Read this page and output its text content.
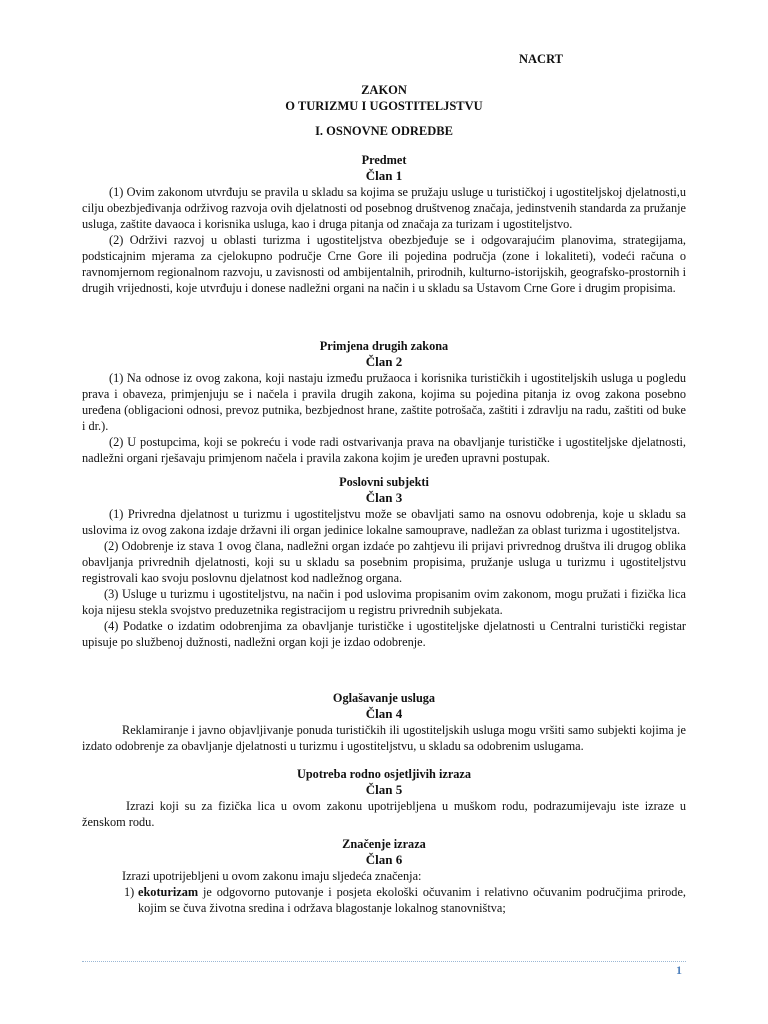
NACRT
ZAKON
O TURIZMU I UGOSTITELJSTVU
I. OSNOVNE ODREDBE
Predmet
Član 1

(1) Ovim zakonom utvrđuju se pravila u skladu sa kojima se pružaju usluge u turističkoj i ugostiteljskoj djelatnosti,u cilju obezbjeđivanja održivog razvoja ovih djelatnosti od posebnog društvenog značaja, jedinstvenih standarda za pružanje usluga, zaštite davaoca i korisnika usluga, kao i druga pitanja od značaja za turizam i ugostiteljstvo.

(2) Održivi razvoj u oblasti turizma i ugostiteljstva obezbjeđuje se i odgovarajućim planovima, strategijama, podsticajnim mjerama za cjelokupno područje Crne Gore ili pojedina područja (zone i lokaliteti), vodeći računa o ravnomjernom regionalnom razvoju, u zavisnosti od ambijentalnih, prirodnih, kulturno-istorijskih, geografsko-prostornih i drugih vrijednosti, koje utvrđuju i donese nadležni organi na način i u skladu sa Ustavom Crne Gore i drugim propisima.

Primjena drugih zakona
Član 2

(1) Na odnose iz ovog zakona, koji nastaju između pružaoca i korisnika turističkih i ugostiteljskih usluga u pogledu prava i obaveza, primjenjuju se i načela i pravila drugih zakona, kojima su pojedina pitanja iz ovog zakona posebno uređena (obligacioni odnosi, prevoz putnika, bezbjednost hrane, zaštite potrošača, zaštiti i zdravlju na radu, zaštiti od buke i dr.).

(2) U postupcima, koji se pokreću i vode radi ostvarivanja prava na obavljanje turističke i ugostiteljske djelatnosti, nadležni organi rješavaju primjenom načela i pravila zakona kojim je uređen upravni postupak.

Poslovni subjekti
Član 3

(1) Privredna djelatnost u turizmu i ugostiteljstvu može se obavljati samo na osnovu odobrenja, koje u skladu sa uslovima iz ovog zakona izdaje državni ili organ jedinice lokalne samouprave, nadležan za oblast turizma i ugostiteljstva.

(2) Odobrenje iz stava 1 ovog člana, nadležni organ izdaće po zahtjevu ili prijavi privrednog društva ili drugog oblika obavljanja privrednih djelatnosti, koji su u skladu sa posebnim propisima, pružanje usluga u turizmu i ugostiteljstvu registrovali kao svoju poslovnu djelatnost kod nadležnog organa.

(3) Usluge u turizmu i ugostiteljstvu, na način i pod uslovima propisanim ovim zakonom, mogu pružati i fizička lica koja nijesu stekla svojstvo preduzetnika registracijom u registru privrednih subjekata.

(4) Podatke o izdatim odobrenjima za obavljanje turističke i ugostiteljske djelatnosti u Centralni turistički registar upisuje po službenoj dužnosti, nadležni organ koji je izdao odobrenje.

Oglašavanje usluga
Član 4

Reklamiranje i javno objavljivanje ponuda turističkih ili ugostiteljskih usluga mogu vršiti samo subjekti kojima je izdato odobrenje za obavljanje djelatnosti u turizmu i ugostiteljstvu, u skladu sa odobrenim uslugama.

Upotreba rodno osjetljivih izraza
Član 5

Izrazi koji su za fizička lica u ovom zakonu upotrijebljena u muškom rodu, podrazumijevaju iste izraze u ženskom rodu.

Značenje izraza
Član 6

Izrazi upotrijebljeni u ovom zakonu imaju sljedeća značenja:

1) ekoturizam je odgovorno putovanje i posjeta ekološki očuvanim i relativno očuvanim područjima prirode, kojim se čuva životna sredina i održava blagostanje lokalnog stanovništva;
1
